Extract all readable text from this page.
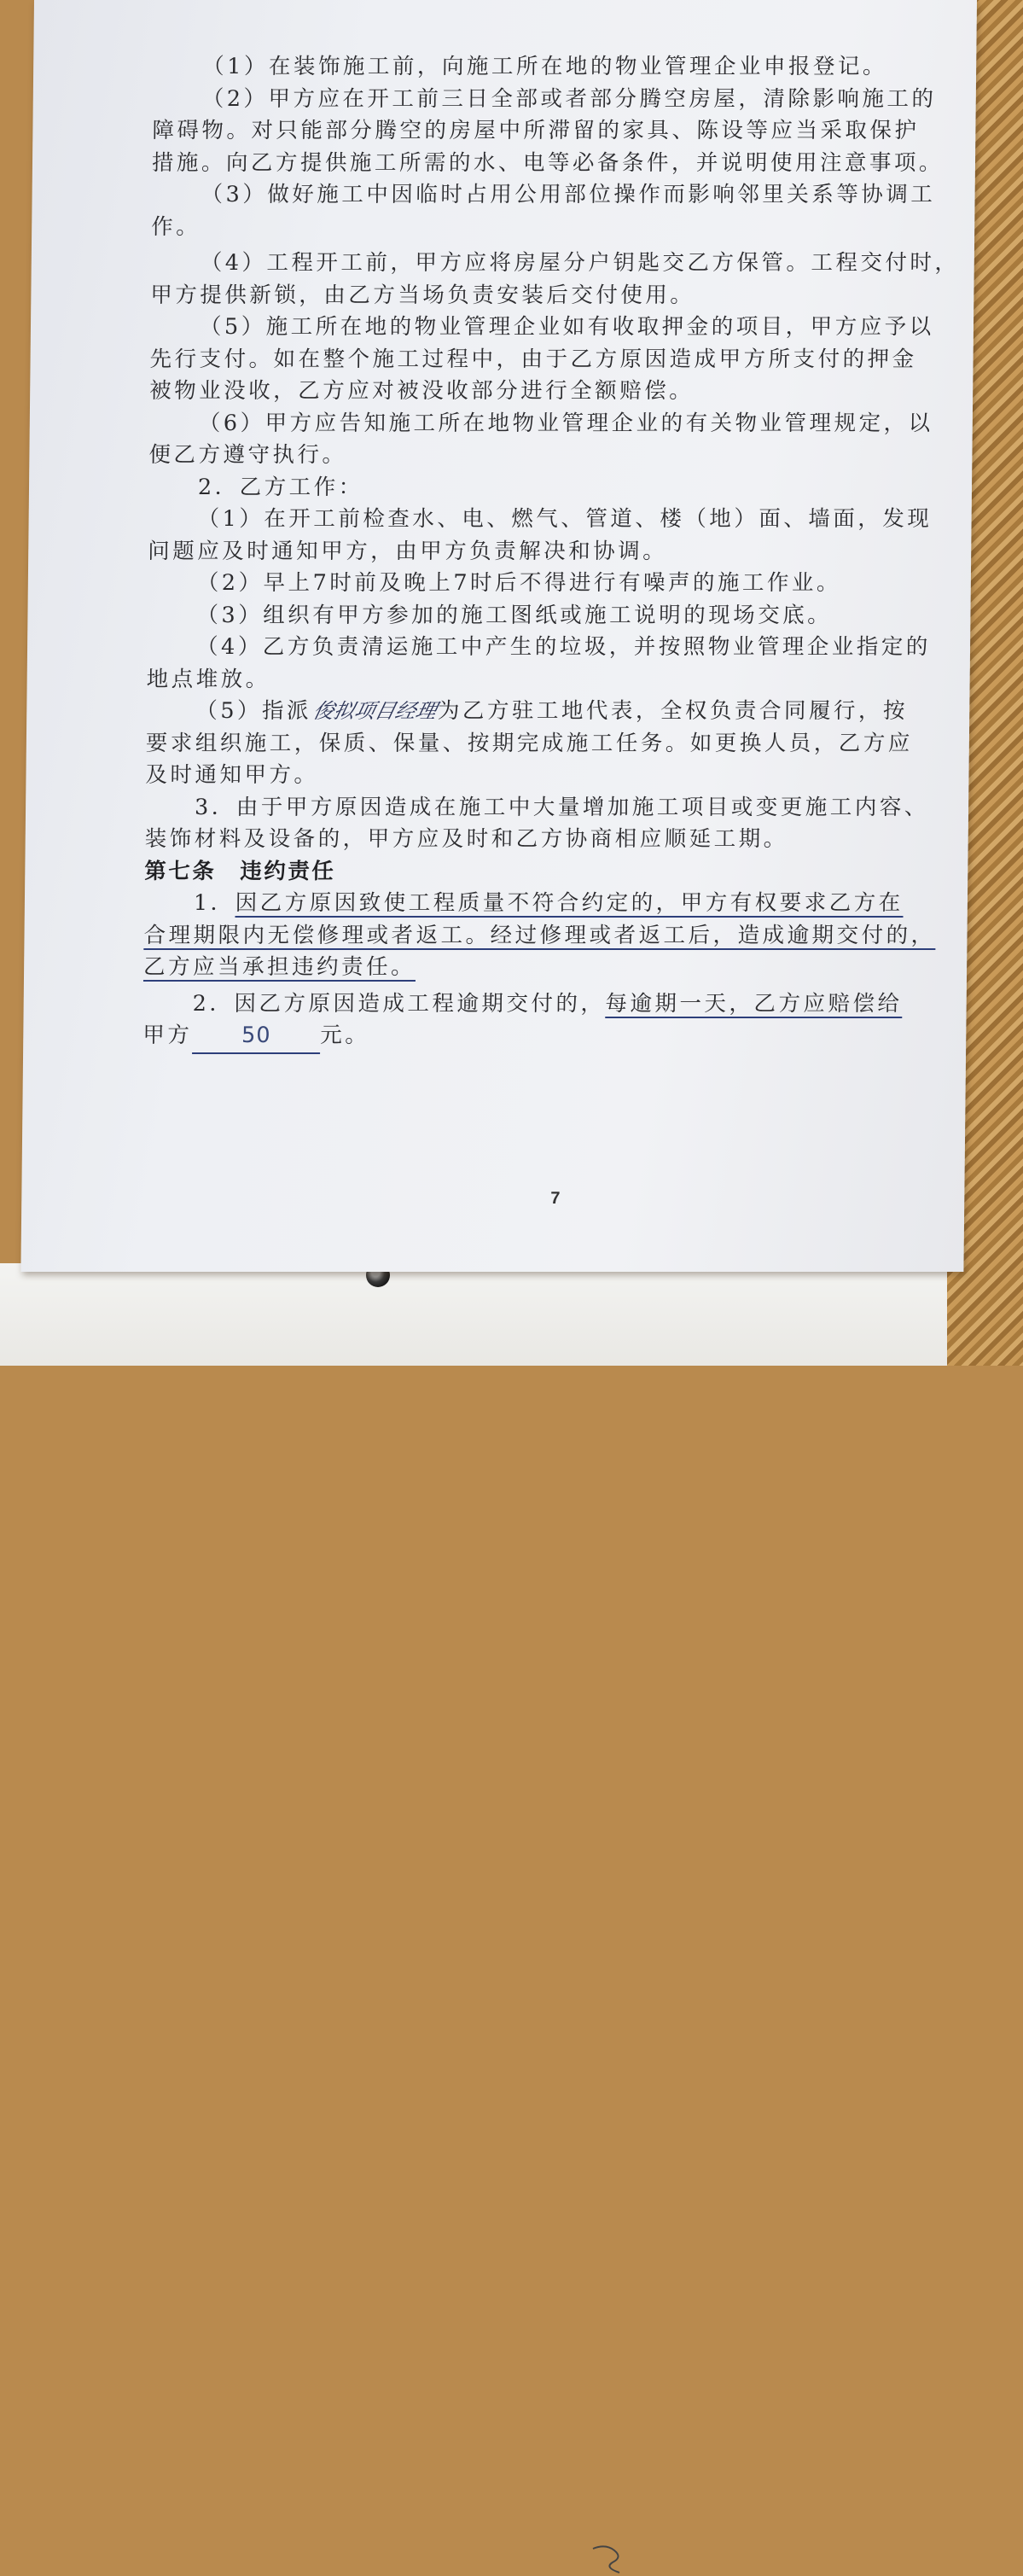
（1）在装饰施工前，向施工所在地的物业管理企业申报登记。
（2）甲方应在开工前三日全部或者部分腾空房屋，清除影响施工的
障碍物。对只能部分腾空的房屋中所滞留的家具、陈设等应当采取保护
措施。向乙方提供施工所需的水、电等必备条件，并说明使用注意事项。
（3）做好施工中因临时占用公用部位操作而影响邻里关系等协调工
作。
（4）工程开工前，甲方应将房屋分户钥匙交乙方保管。工程交付时，
甲方提供新锁，由乙方当场负责安装后交付使用。
（5）施工所在地的物业管理企业如有收取押金的项目，甲方应予以
先行支付。如在整个施工过程中，由于乙方原因造成甲方所支付的押金
被物业没收，乙方应对被没收部分进行全额赔偿。
（6）甲方应告知施工所在地物业管理企业的有关物业管理规定，以
便乙方遵守执行。
2．乙方工作：
（1）在开工前检查水、电、燃气、管道、楼（地）面、墙面，发现
问题应及时通知甲方，由甲方负责解决和协调。
（2）早上7时前及晚上7时后不得进行有噪声的施工作业。
（3）组织有甲方参加的施工图纸或施工说明的现场交底。
（4）乙方负责清运施工中产生的垃圾，并按照物业管理企业指定的
地点堆放。
（5）指派俊拟项目经理为乙方驻工地代表，全权负责合同履行，按
要求组织施工，保质、保量、按期完成施工任务。如更换人员，乙方应
及时通知甲方。
3．由于甲方原因造成在施工中大量增加施工项目或变更施工内容、
装饰材料及设备的，甲方应及时和乙方协商相应顺延工期。
第七条　违约责任
1．因乙方原因致使工程质量不符合约定的，甲方有权要求乙方在
合理期限内无偿修理或者返工。经过修理或者返工后，造成逾期交付的，
乙方应当承担违约责任。
2．因乙方原因造成工程逾期交付的，每逾期一天，乙方应赔偿给
甲方 50 元。
7
